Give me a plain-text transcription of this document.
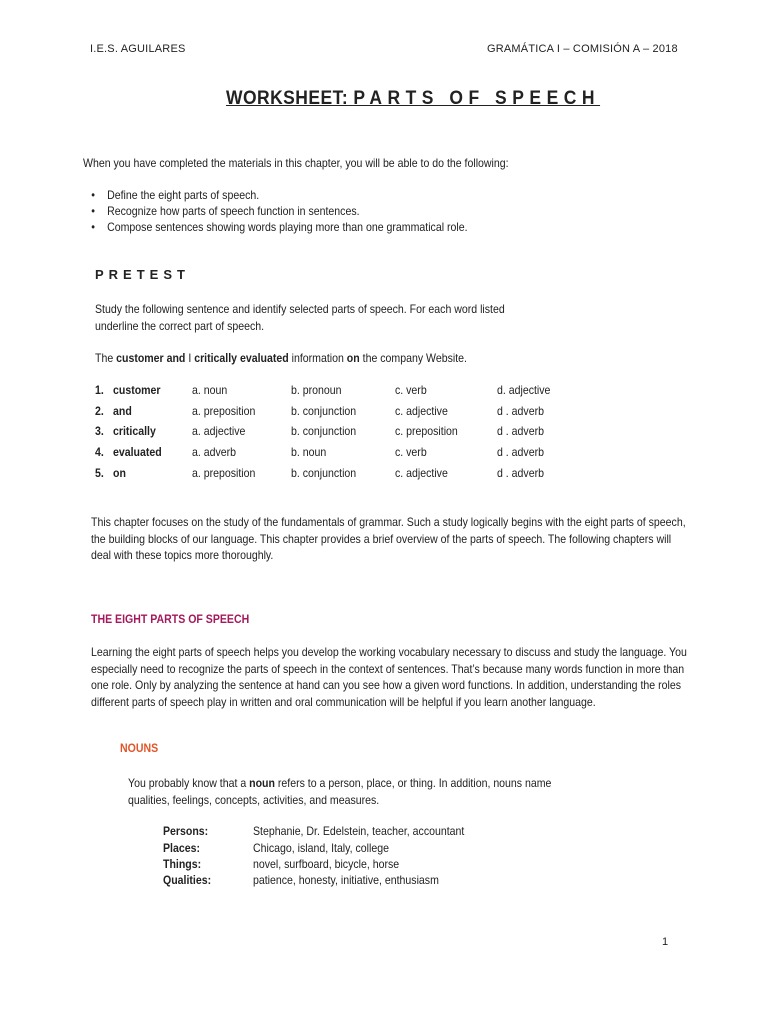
I.E.S. AGUILARES	GRAMÁTICA I – COMISIÓN A – 2018
WORKSHEET: PARTS OF SPEECH
When you have completed the materials in this chapter, you will be able to do the following:
• Define the eight parts of speech.
• Recognize how parts of speech function in sentences.
• Compose sentences showing words playing more than one grammatical role.
PRETEST
Study the following sentence and identify selected parts of speech. For each word listed underline the correct part of speech.
The customer and I critically evaluated information on the company Website.
1. customer	a. noun	b. pronoun	c. verb	d. adjective
2. and	a. preposition	b. conjunction	c. adjective	d . adverb
3. critically	a. adjective	b. conjunction	c. preposition	d . adverb
4. evaluated	a. adverb	b. noun	c. verb	d . adverb
5. on	a. preposition	b. conjunction	c. adjective	d . adverb
This chapter focuses on the study of the fundamentals of grammar. Such a study logically begins with the eight parts of speech, the building blocks of our language. This chapter provides a brief overview of the parts of speech. The following chapters will deal with these topics more thoroughly.
THE EIGHT PARTS OF SPEECH
Learning the eight parts of speech helps you develop the working vocabulary necessary to discuss and study the language. You especially need to recognize the parts of speech in the context of sentences. That’s because many words function in more than one role. Only by analyzing the sentence at hand can you see how a given word functions. In addition, understanding the roles different parts of speech play in written and oral communication will be helpful if you learn another language.
NOUNS
You probably know that a noun refers to a person, place, or thing. In addition, nouns name qualities, feelings, concepts, activities, and measures.
Persons:	Stephanie, Dr. Edelstein, teacher, accountant
Places:	Chicago, island, Italy, college
Things:	novel, surfboard, bicycle, horse
Qualities:	patience, honesty, initiative, enthusiasm
1
